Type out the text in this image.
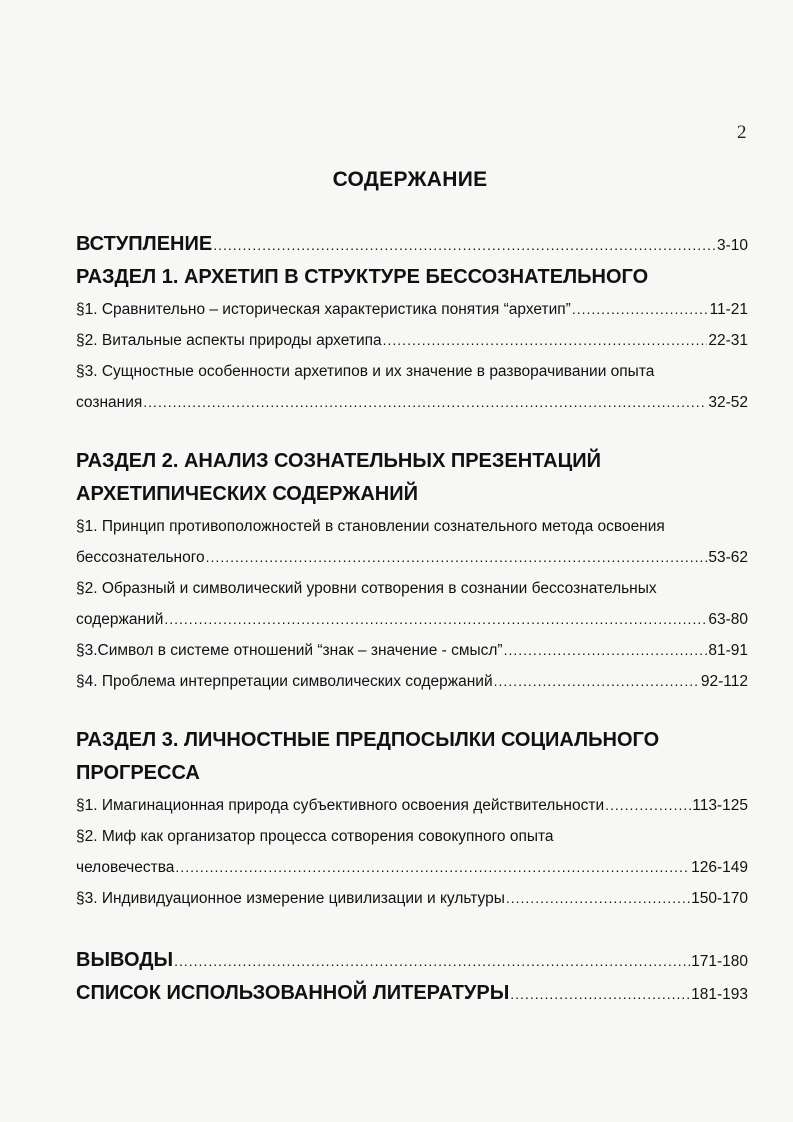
2
СОДЕРЖАНИЕ
ВСТУПЛЕНИЕ .....	3-10
РАЗДЕЛ 1. АРХЕТИП В СТРУКТУРЕ БЕССОЗНАТЕЛЬНОГО
§1. Сравнительно – историческая характеристика понятия “архетип” .....	11-21
§2. Витальные аспекты природы архетипа .....	22-31
§3. Сущностные особенности архетипов и их значение в разворачивании опыта
сознания .....	32-52
РАЗДЕЛ 2. АНАЛИЗ СОЗНАТЕЛЬНЫХ ПРЕЗЕНТАЦИЙ
АРХЕТИПИЧЕСКИХ СОДЕРЖАНИЙ
§1. Принцип противоположностей в становлении сознательного метода освоения
бессознательного .....	53-62
§2. Образный и символический уровни сотворения в сознании бессознательных
содержаний .....	63-80
§3.Символ в системе отношений “знак – значение - смысл” .....	81-91
§4. Проблема интерпретации символических содержаний .....	92-112
РАЗДЕЛ 3. ЛИЧНОСТНЫЕ ПРЕДПОСЫЛКИ СОЦИАЛЬНОГО
ПРОГРЕССА
§1. Имагинационная природа субъективного освоения действительности .....	113-125
§2. Миф как организатор процесса сотворения совокупного опыта
человечества .....	126-149
§3. Индивидуационное измерение цивилизации и культуры .....	150-170
ВЫВОДЫ .....	171-180
СПИСОК ИСПОЛЬЗОВАННОЙ ЛИТЕРАТУРЫ .....	181-193
